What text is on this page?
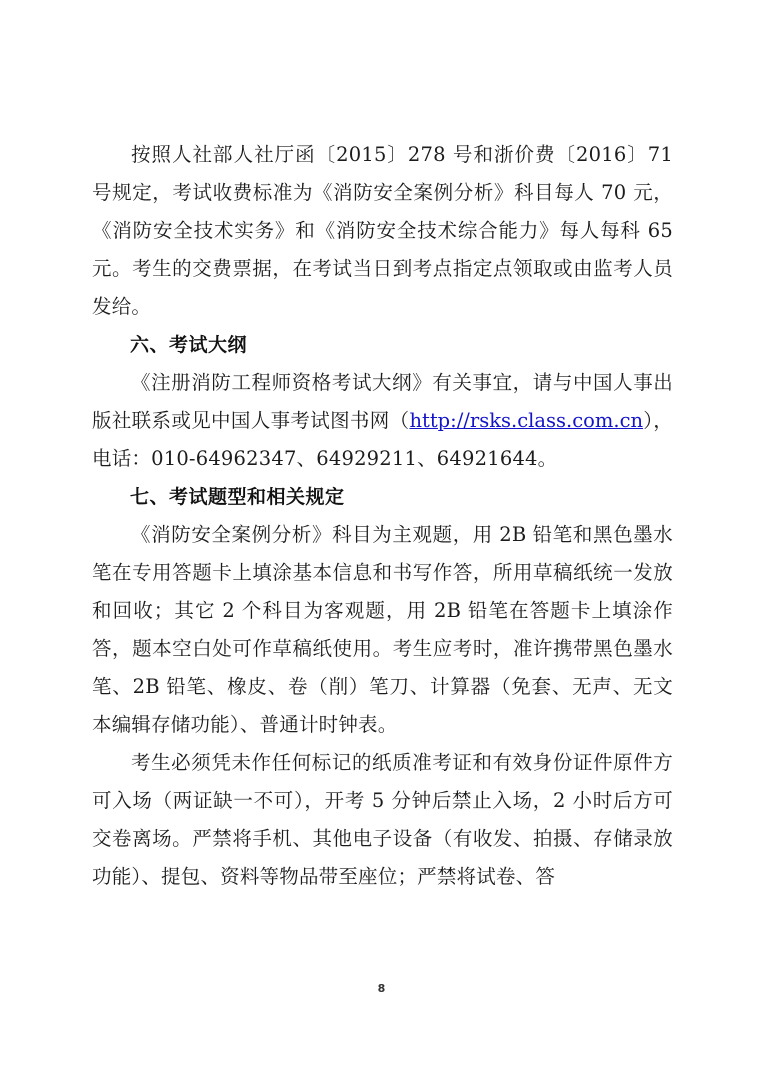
按照人社部人社厅函〔2015〕278 号和浙价费〔2016〕71 号规定，考试收费标准为《消防安全案例分析》科目每人 70 元，《消防安全技术实务》和《消防安全技术综合能力》每人每科 65 元。考生的交费票据，在考试当日到考点指定点领取或由监考人员发给。

六、考试大纲

《注册消防工程师资格考试大纲》有关事宜，请与中国人事出版社联系或见中国人事考试图书网（http://rsks.class.com.cn），电话：010-64962347、64929211、64921644。

七、考试题型和相关规定

《消防安全案例分析》科目为主观题，用 2B 铅笔和黑色墨水笔在专用答题卡上填涂基本信息和书写作答，所用草稿纸统一发放和回收；其它 2 个科目为客观题，用 2B 铅笔在答题卡上填涂作答，题本空白处可作草稿纸使用。考生应考时，准许携带黑色墨水笔、2B 铅笔、橡皮、卷（削）笔刀、计算器（免套、无声、无文本编辑存储功能）、普通计时钟表。

考生必须凭未作任何标记的纸质准考证和有效身份证件原件方可入场（两证缺一不可），开考 5 分钟后禁止入场，2 小时后方可交卷离场。严禁将手机、其他电子设备（有收发、拍摄、存储录放功能）、提包、资料等物品带至座位；严禁将试卷、答

8
